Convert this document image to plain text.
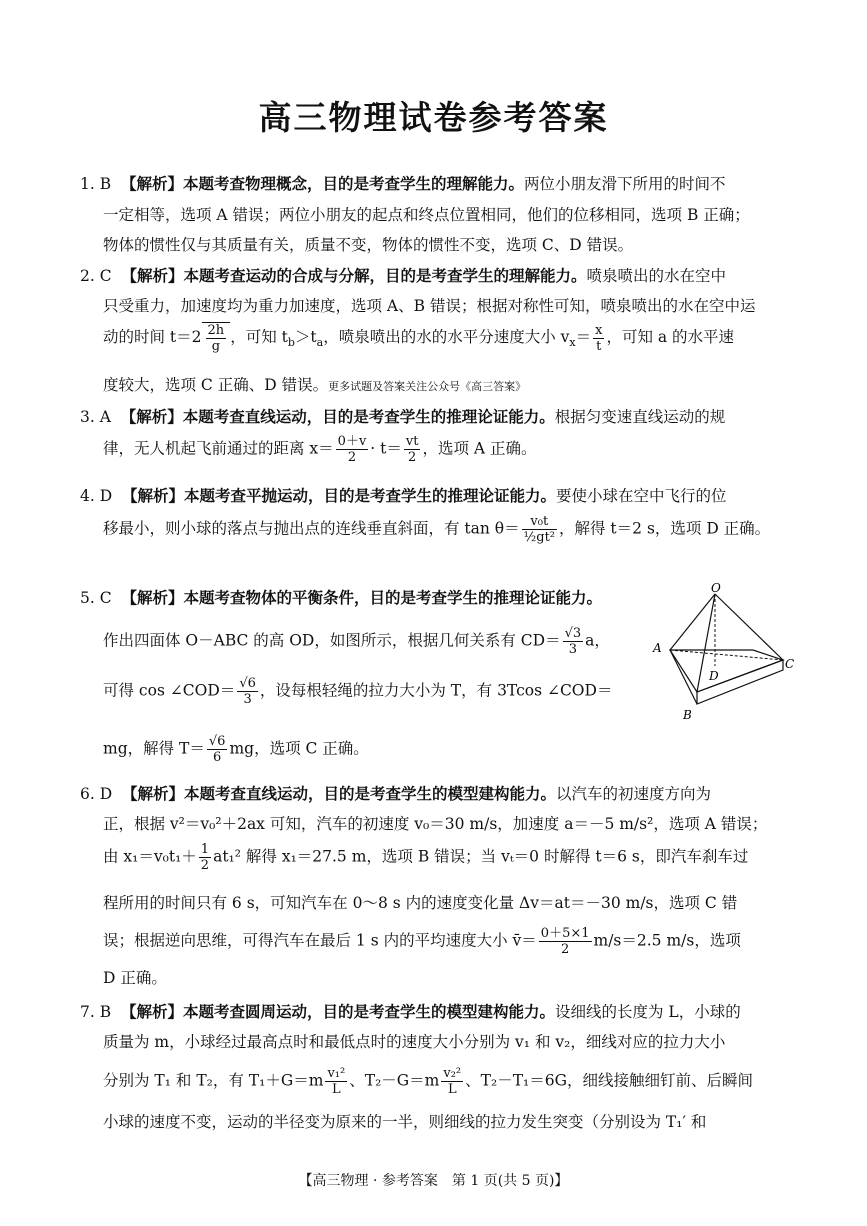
高三物理试卷参考答案
1. B 【解析】本题考查物理概念，目的是考查学生的理解能力。两位小朋友滑下所用的时间不
一定相等，选项 A 错误；两位小朋友的起点和终点位置相同，他们的位移相同，选项 B 正确；
物体的惯性仅与其质量有关，质量不变，物体的惯性不变，选项 C、D 错误。
2. C 【解析】本题考查运动的合成与分解，目的是考查学生的理解能力。喷泉喷出的水在空中
只受重力，加速度均为重力加速度，选项 A、B 错误；根据对称性可知，喷泉喷出的水在空中运
动的时间 $t=2 \frac{2h}{g}$ ，可知 $t_b>t_a$，喷泉喷出的水的水平分速度大小 $v_x= \frac{x}{t}$ ，可知 a 的水平速
度较大，选项 C 正确、D 错误。更多试题及答案关注公众号《高三答案》
3. A 【解析】本题考查直线运动，目的是考查学生的推理论证能力。根据匀变速直线运动的规
律，无人机起飞前通过的距离 $x= \frac{0+v}{2} \cdot t= \frac{vt}{2}$ ，选项 A 正确。
4. D 【解析】本题考查平抛运动，目的是考查学生的推理论证能力。要使小球在空中飞行的位
移最小，则小球的落点与抛出点的连线垂直斜面，有 $\tan \theta= \frac{\text{v₀t}}{\text{½gt²}}$ ，解得 t＝2 s，选项 D 正确。
5. C 【解析】本题考查物体的平衡条件，目的是考查学生的推理论证能力。
作出四面体 O－ABC 的高 OD，如图所示，根据几何关系有 $CD= \frac{√3}{3}$ a，
可得 cos ∠COD＝ $\frac{√6}{3}$ ，设每根轻绳的拉力大小为 T，有 3Tcos ∠COD＝
mg，解得 $T= \frac{√6}{6}$ mg，选项 C 正确。
O
A
C
D
B
6. D 【解析】本题考查直线运动，目的是考查学生的模型建构能力。以汽车的初速度方向为
正，根据 v²＝v₀²＋2ax 可知，汽车的初速度 v₀＝30 m/s，加速度 a＝－5 m/s²，选项 A 错误；
由 $x_1=v_0t_1+ \frac{1}{2} at_1^2$ 解得 x₁＝27.5 m，选项 B 错误；当 vₜ＝0 时解得 t＝6 s，即汽车刹车过
程所用的时间只有 6 s，可知汽车在 0～8 s 内的速度变化量 Δv＝at＝－30 m/s，选项 C 错
误；根据逆向思维，可得汽车在最后 1 s 内的平均速度大小 v̄＝ $\frac{0+5\times 1}{2} m/s=2.5$ m/s，选项
D 正确。
7. B 【解析】本题考查圆周运动，目的是考查学生的模型建构能力。设细线的长度为 L，小球的
质量为 m，小球经过最高点时和最低点时的速度大小分别为 v₁ 和 v₂，细线对应的拉力大小
分别为 T₁ 和 T₂，有 $T_1+G=m \frac{\text{v₁²}}{L}$ 、$T_2-G=m \frac{\text{v₂²}}{L}$ 、T₂－T₁＝6G，细线接触细钉前、后瞬间
小球的速度不变，运动的半径变为原来的一半，则细线的拉力发生突变（分别设为 T₁′ 和
【高三物理 · 参考答案　第 1 页(共 5 页)】
